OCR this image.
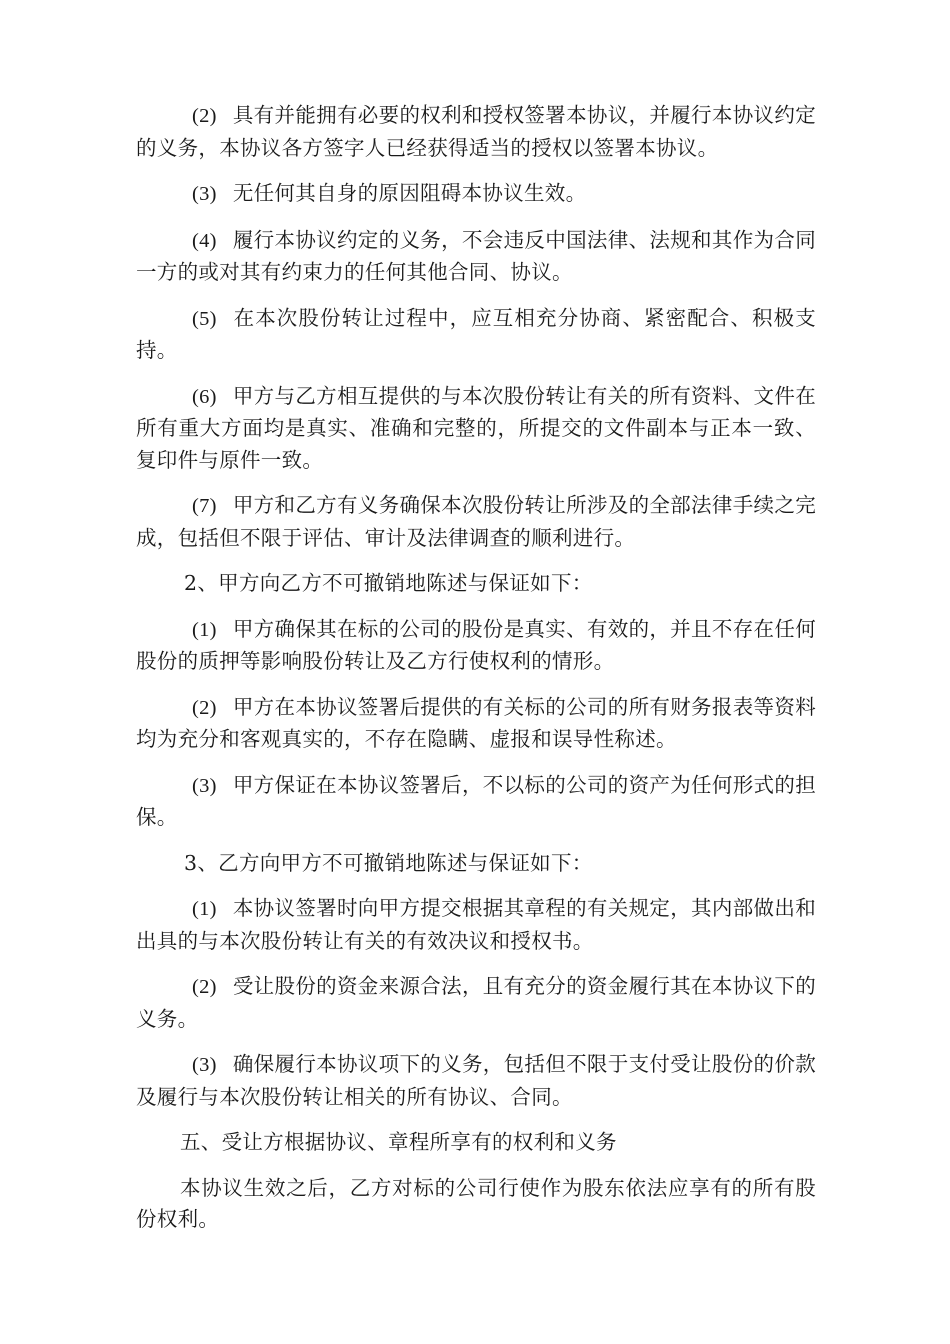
(2) 具有并能拥有必要的权利和授权签署本协议，并履行本协议约定的义务，本协议各方签字人已经获得适当的授权以签署本协议。

(3) 无任何其自身的原因阻碍本协议生效。

(4) 履行本协议约定的义务，不会违反中国法律、法规和其作为合同一方的或对其有约束力的任何其他合同、协议。

(5) 在本次股份转让过程中，应互相充分协商、紧密配合、积极支持。

(6) 甲方与乙方相互提供的与本次股份转让有关的所有资料、文件在所有重大方面均是真实、准确和完整的，所提交的文件副本与正本一致、复印件与原件一致。

(7) 甲方和乙方有义务确保本次股份转让所涉及的全部法律手续之完成，包括但不限于评估、审计及法律调查的顺利进行。

2、甲方向乙方不可撤销地陈述与保证如下：

(1) 甲方确保其在标的公司的股份是真实、有效的，并且不存在任何股份的质押等影响股份转让及乙方行使权利的情形。

(2) 甲方在本协议签署后提供的有关标的公司的所有财务报表等资料均为充分和客观真实的，不存在隐瞒、虚报和误导性称述。

(3) 甲方保证在本协议签署后，不以标的公司的资产为任何形式的担保。

3、乙方向甲方不可撤销地陈述与保证如下：

(1) 本协议签署时向甲方提交根据其章程的有关规定，其内部做出和出具的与本次股份转让有关的有效决议和授权书。

(2) 受让股份的资金来源合法，且有充分的资金履行其在本协议下的义务。

(3) 确保履行本协议项下的义务，包括但不限于支付受让股份的价款及履行与本次股份转让相关的所有协议、合同。

五、受让方根据协议、章程所享有的权利和义务

本协议生效之后，乙方对标的公司行使作为股东依法应享有的所有股份权利。
